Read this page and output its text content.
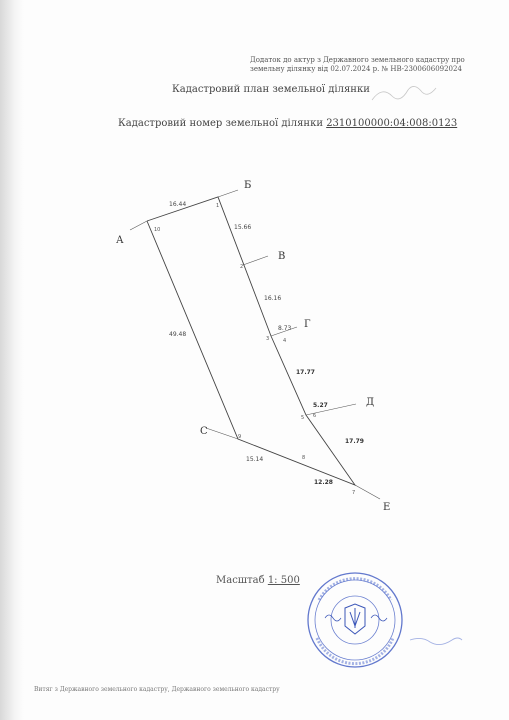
Додаток до актур з Державного земельного кадастру про
земельну ділянку від 02.07.2024 р. № НВ-2300606092024
Кадастровий план земельної ділянки
Кадастровий номер земельної ділянки 2310100000:04:008:0123
А
Б
В
Г
Д
С
Е
1
2
3	4
5 6
7
8
9
10
16.44
15.66
16.16
8.73
17.77
5.27
17.79
12.28
15.14
49.48
Масштаб 1: 500
Витяг з Державного земельного кадастру, Державного земельного кадастру
